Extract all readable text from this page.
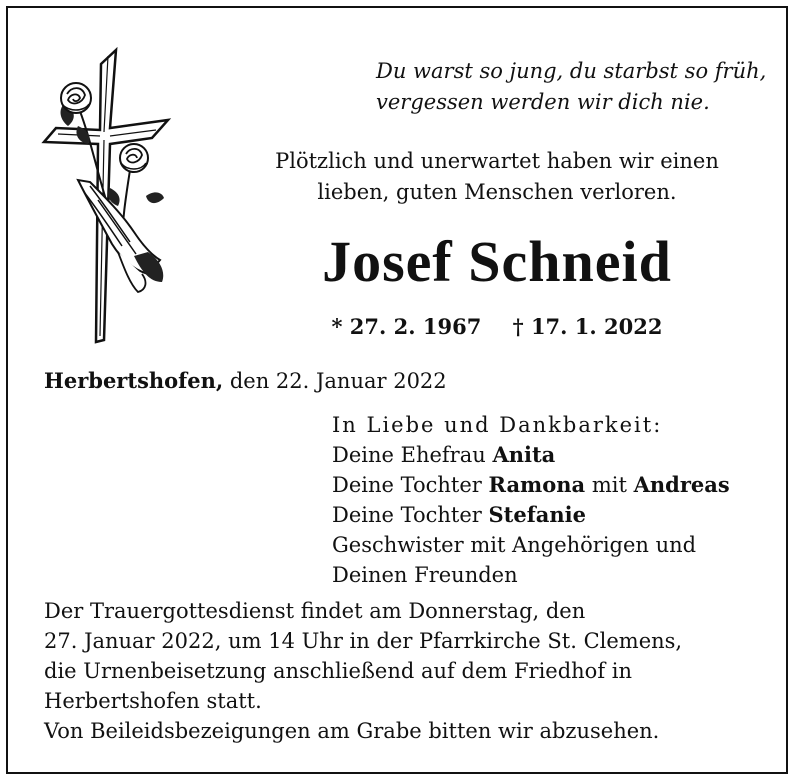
Du warst so jung, du starbst so früh,
vergessen werden wir dich nie.
Plötzlich und unerwartet haben wir einen
lieben, guten Menschen verloren.
Josef Schneid
* 27. 2. 1967 † 17. 1. 2022
Herbertshofen, den 22. Januar 2022
In Liebe und Dankbarkeit:
Deine Ehefrau Anita
Deine Tochter Ramona mit Andreas
Deine Tochter Stefanie
Geschwister mit Angehörigen und
Deinen Freunden
Der Trauergottesdienst findet am Donnerstag, den
27. Januar 2022, um 14 Uhr in der Pfarrkirche St. Clemens,
die Urnenbeisetzung anschließend auf dem Friedhof in
Herbertshofen statt.
Von Beileidsbezeigungen am Grabe bitten wir abzusehen.
